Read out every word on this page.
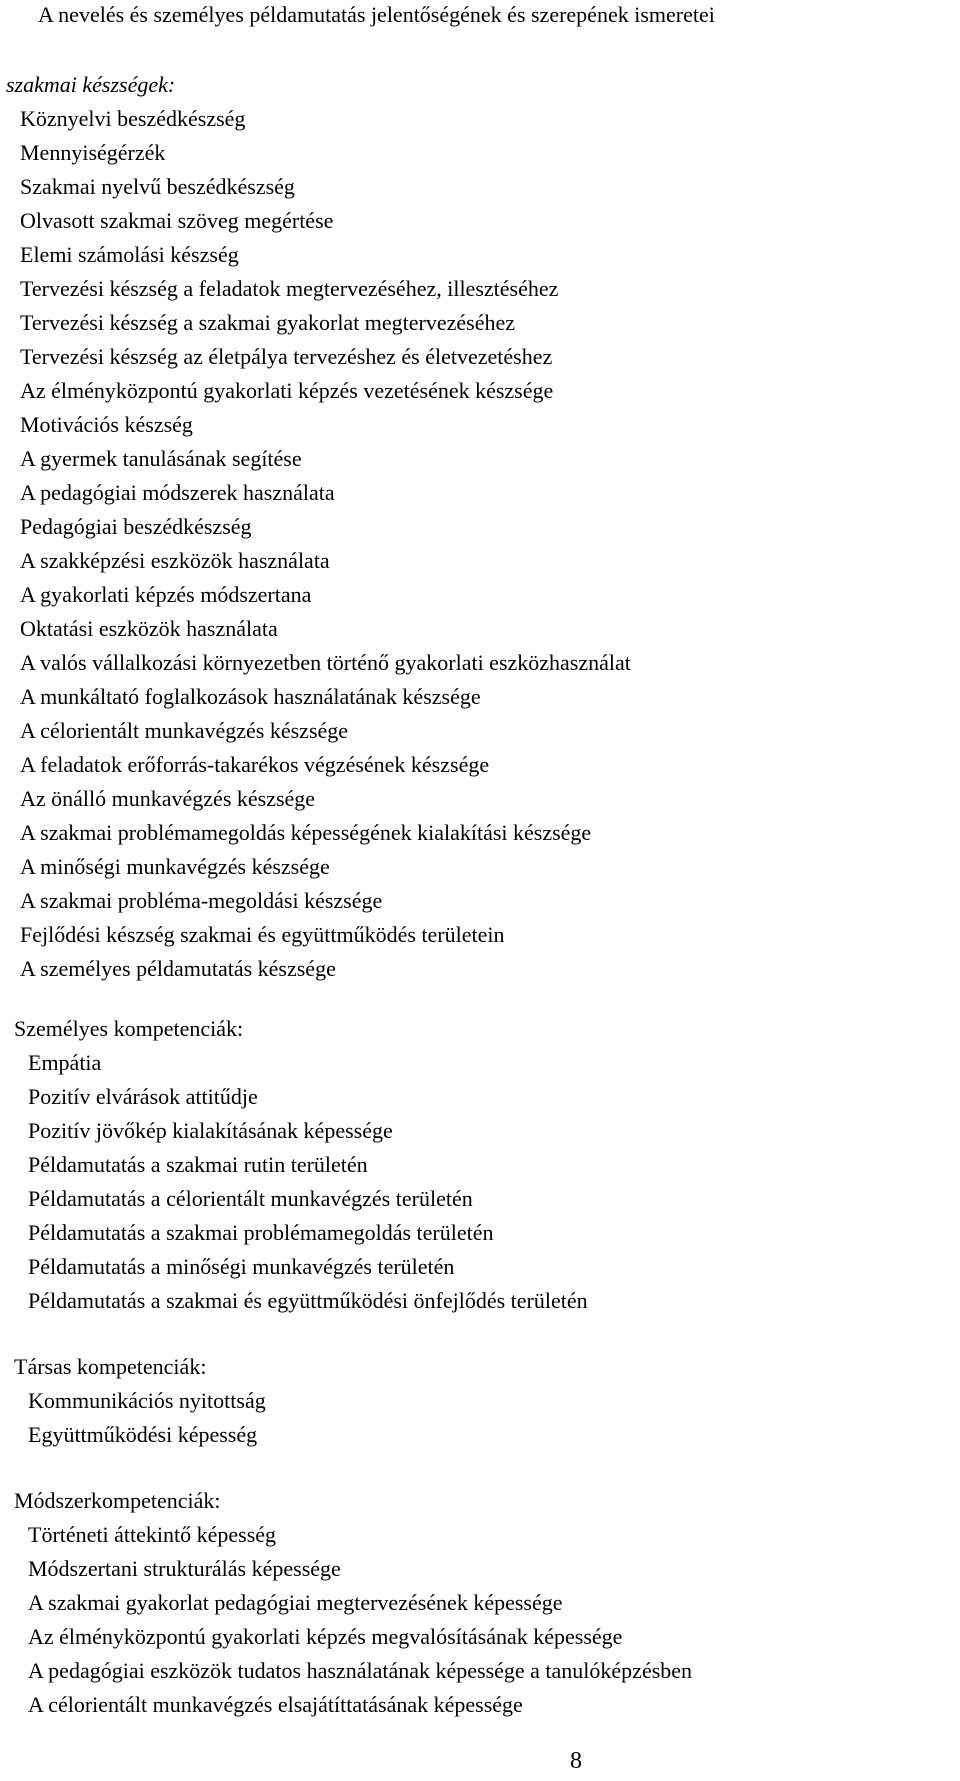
A nevelés és személyes példamutatás jelentőségének és szerepének ismeretei
szakmai készségek:
Köznyelvi beszédkészség
Mennyiségérzék
Szakmai nyelvű beszédkészség
Olvasott szakmai szöveg megértése
Elemi számolási készség
Tervezési készség a feladatok megtervezéséhez, illesztéséhez
Tervezési készség a szakmai gyakorlat megtervezéséhez
Tervezési készség az életpálya tervezéshez és életvezetéshez
Az élményközpontú gyakorlati képzés vezetésének készsége
Motivációs készség
A gyermek tanulásának segítése
A pedagógiai módszerek használata
Pedagógiai beszédkészség
A szakképzési eszközök használata
A gyakorlati képzés módszertana
Oktatási eszközök használata
A valós vállalkozási környezetben történő gyakorlati eszközhasználat
A munkáltató foglalkozások használatának készsége
A célorientált munkavégzés készsége
A feladatok erőforrás-takarékos végzésének készsége
Az önálló munkavégzés készsége
A szakmai problémamegoldás képességének kialakítási készsége
A minőségi munkavégzés készsége
A szakmai probléma-megoldási készsége
Fejlődési készség szakmai és együttműködés területein
A személyes példamutatás készsége
Személyes kompetenciák:
Empátia
Pozitív elvárások attitűdje
Pozitív jövőkép kialakításának képessége
Példamutatás a szakmai rutin területén
Példamutatás a célorientált munkavégzés területén
Példamutatás a szakmai problémamegoldás területén
Példamutatás a minőségi munkavégzés területén
Példamutatás a szakmai és együttműködési önfejlődés területén
Társas kompetenciák:
Kommunikációs nyitottság
Együttműködési képesség
Módszerkompetenciák:
Történeti áttekintő képesség
Módszertani strukturálás képessége
A szakmai gyakorlat pedagógiai megtervezésének képessége
Az élményközpontú gyakorlati képzés megvalósításának képessége
A pedagógiai eszközök tudatos használatának képessége a tanulóképzésben
A célorientált munkavégzés elsajátíttatásának képessége
8
